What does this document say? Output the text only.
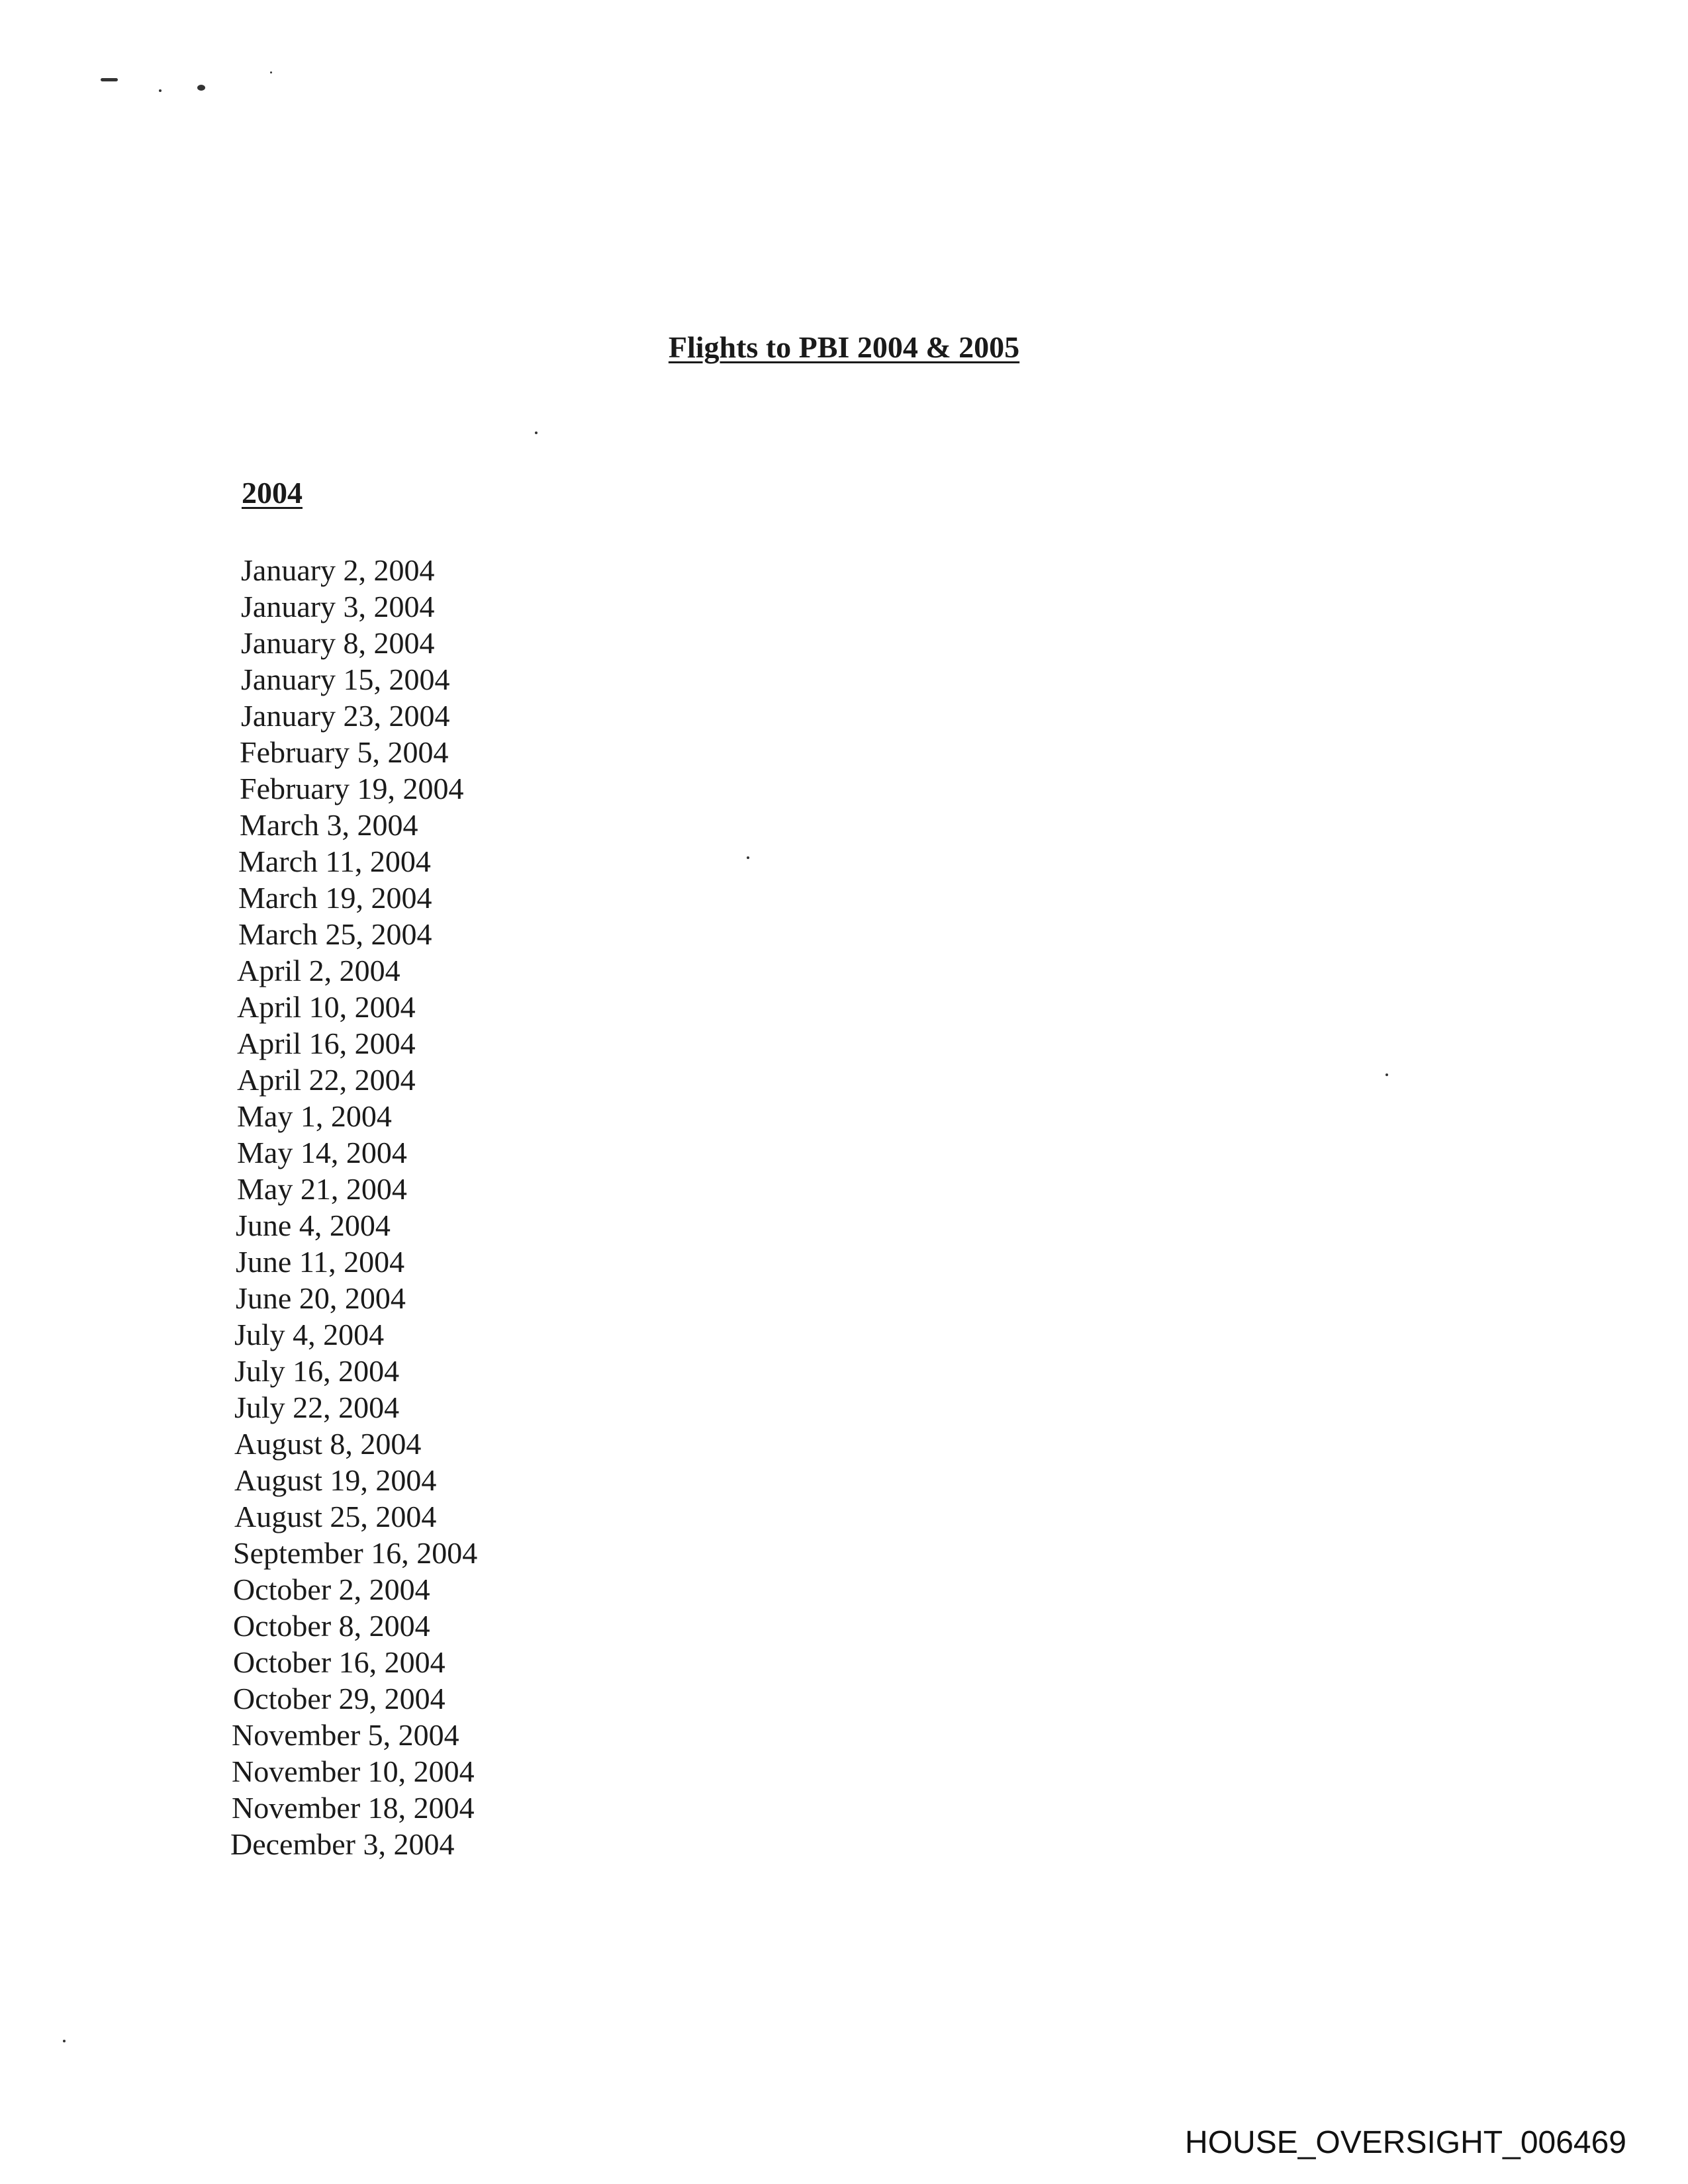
Flights to PBI 2004 & 2005
2004
January 2, 2004
January 3, 2004
January 8, 2004
January 15, 2004
January 23, 2004
February 5, 2004
February 19, 2004
March 3, 2004
March 11, 2004
March 19, 2004
March 25, 2004
April 2, 2004
April 10, 2004
April 16, 2004
April 22, 2004
May 1, 2004
May 14, 2004
May 21, 2004
June 4, 2004
June 11, 2004
June 20, 2004
July 4, 2004
July 16, 2004
July 22, 2004
August 8, 2004
August 19, 2004
August 25, 2004
September 16, 2004
October 2, 2004
October 8, 2004
October 16, 2004
October 29, 2004
November 5, 2004
November 10, 2004
November 18, 2004
December 3, 2004
HOUSE_OVERSIGHT_006469
